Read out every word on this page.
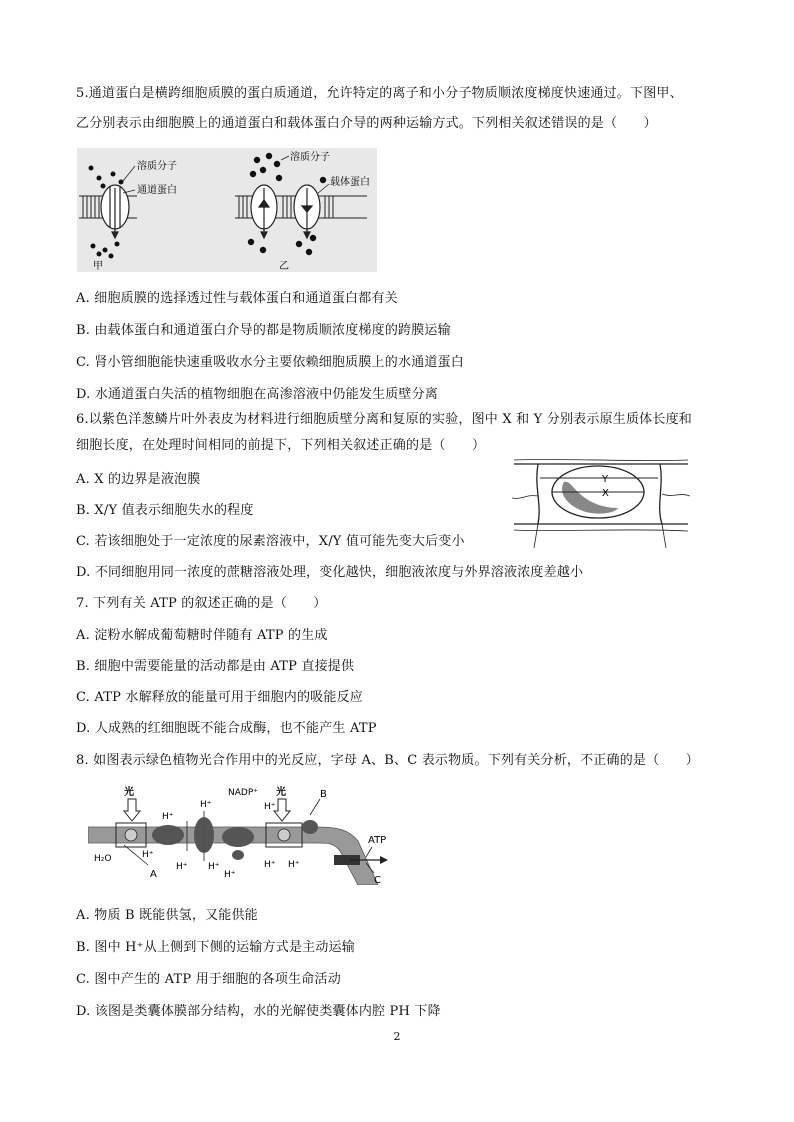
5.通道蛋白是横跨细胞质膜的蛋白质通道，允许特定的离子和小分子物质顺浓度梯度快速通过。下图甲、
乙分别表示由细胞膜上的通道蛋白和载体蛋白介导的两种运输方式。下列相关叙述错误的是（　　）
溶质分子
通道蛋白
甲
溶质分子
载体蛋白
乙
A. 细胞质膜的选择透过性与载体蛋白和通道蛋白都有关
B. 由载体蛋白和通道蛋白介导的都是物质顺浓度梯度的跨膜运输
C. 肾小管细胞能快速重吸收水分主要依赖细胞质膜上的水通道蛋白
D. 水通道蛋白失活的植物细胞在高渗溶液中仍能发生质壁分离
6.以紫色洋葱鳞片叶外表皮为材料进行细胞质壁分离和复原的实验，图中 X 和 Y 分别表示原生质体长度和
细胞长度，在处理时间相同的前提下，下列相关叙述正确的是（　　）
Y
X
A. X 的边界是液泡膜
B. X/Y 值表示细胞失水的程度
C. 若该细胞处于一定浓度的尿素溶液中，X/Y 值可能先变大后变小
D. 不同细胞用同一浓度的蔗糖溶液处理，变化越快，细胞液浓度与外界溶液浓度差越小
7. 下列有关 ATP 的叙述正确的是（　　）
A. 淀粉水解成葡萄糖时伴随有 ATP 的生成
B. 细胞中需要能量的活动都是由 ATP 直接提供
C. ATP 水解释放的能量可用于细胞内的吸能反应
D. 人成熟的红细胞既不能合成酶，也不能产生 ATP
8. 如图表示绿色植物光合作用中的光反应，字母 A、B、C 表示物质。下列有关分析，不正确的是（　　）
光	光
NADP⁺
H⁺
B
H⁺
H⁺
H₂O	H⁺
A
H⁺ H⁺
H⁺
H⁺ H⁺
ATP
C
A. 物质 B 既能供氢，又能供能
B. 图中 H⁺从上侧到下侧的运输方式是主动运输
C. 图中产生的 ATP 用于细胞的各项生命活动
D. 该图是类囊体膜部分结构，水的光解使类囊体内腔 PH 下降
2
